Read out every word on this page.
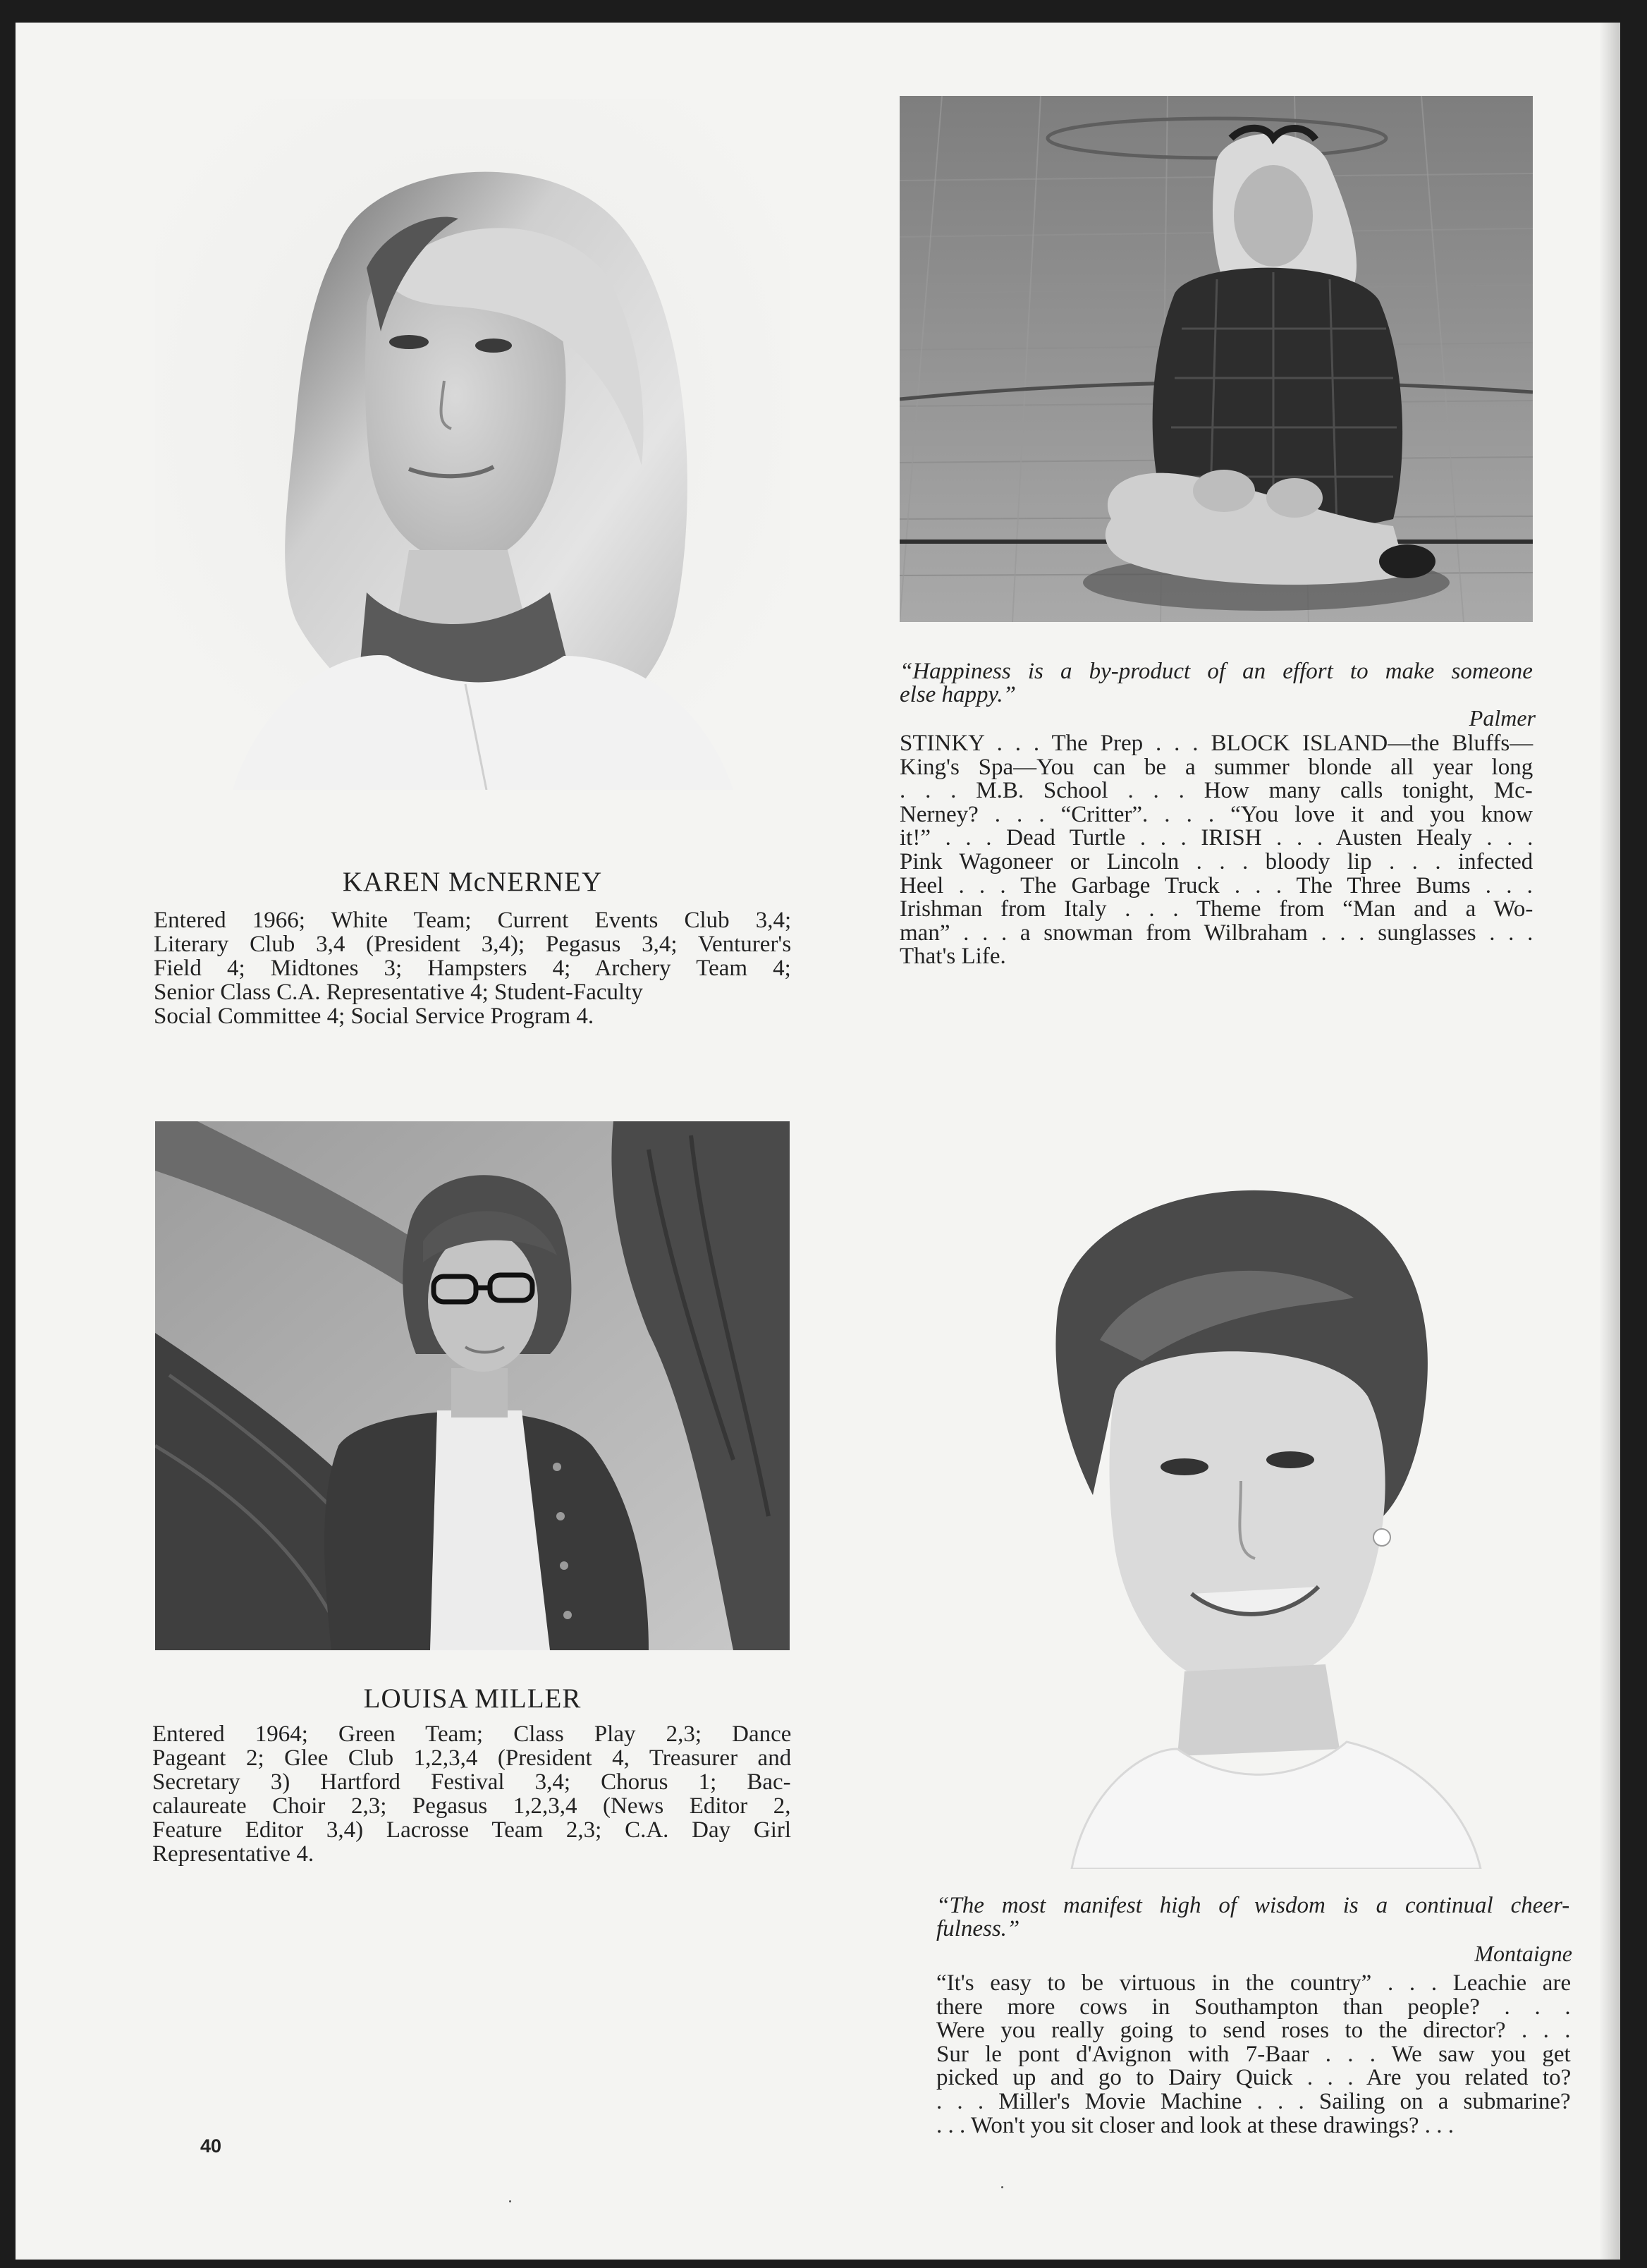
KAREN McNERNEY
Entered 1966; White Team; Current Events Club 3,4;
Literary Club 3,4 (President 3,4); Pegasus 3,4; Venturer's
Field 4; Midtones 3; Hampsters 4; Archery Team 4;
Senior Class C.A. Representative 4; Student-Faculty
Social Committee 4; Social Service Program 4.
“Happiness is a by-product of an effort to make someone
else happy.”
Palmer
STINKY . . . The Prep . . . BLOCK ISLAND—the Bluffs—
King's Spa—You can be a summer blonde all year long
. . . M.B. School . . . How many calls tonight, Mc-
Nerney? . . . “Critter”. . . . “You love it and you know
it!” . . . Dead Turtle . . . IRISH . . . Austen Healy . . .
Pink Wagoneer or Lincoln . . . bloody lip . . . infected
Heel . . . The Garbage Truck . . . The Three Bums . . .
Irishman from Italy . . . Theme from “Man and a Wo-
man” . . . a snowman from Wilbraham . . . sunglasses . . .
That's Life.
LOUISA MILLER
Entered 1964; Green Team; Class Play 2,3; Dance
Pageant 2; Glee Club 1,2,3,4 (President 4, Treasurer and
Secretary 3) Hartford Festival 3,4; Chorus 1; Bac-
calaureate Choir 2,3; Pegasus 1,2,3,4 (News Editor 2,
Feature Editor 3,4) Lacrosse Team 2,3; C.A. Day Girl
Representative 4.
“The most manifest high of wisdom is a continual cheer-
fulness.”
Montaigne
“It's easy to be virtuous in the country” . . . Leachie are
there more cows in Southampton than people? . . .
Were you really going to send roses to the director? . . .
Sur le pont d'Avignon with 7-Baar . . . We saw you get
picked up and go to Dairy Quick . . . Are you related to?
. . . Miller's Movie Machine . . . Sailing on a submarine?
. . . Won't you sit closer and look at these drawings? . . .
40
